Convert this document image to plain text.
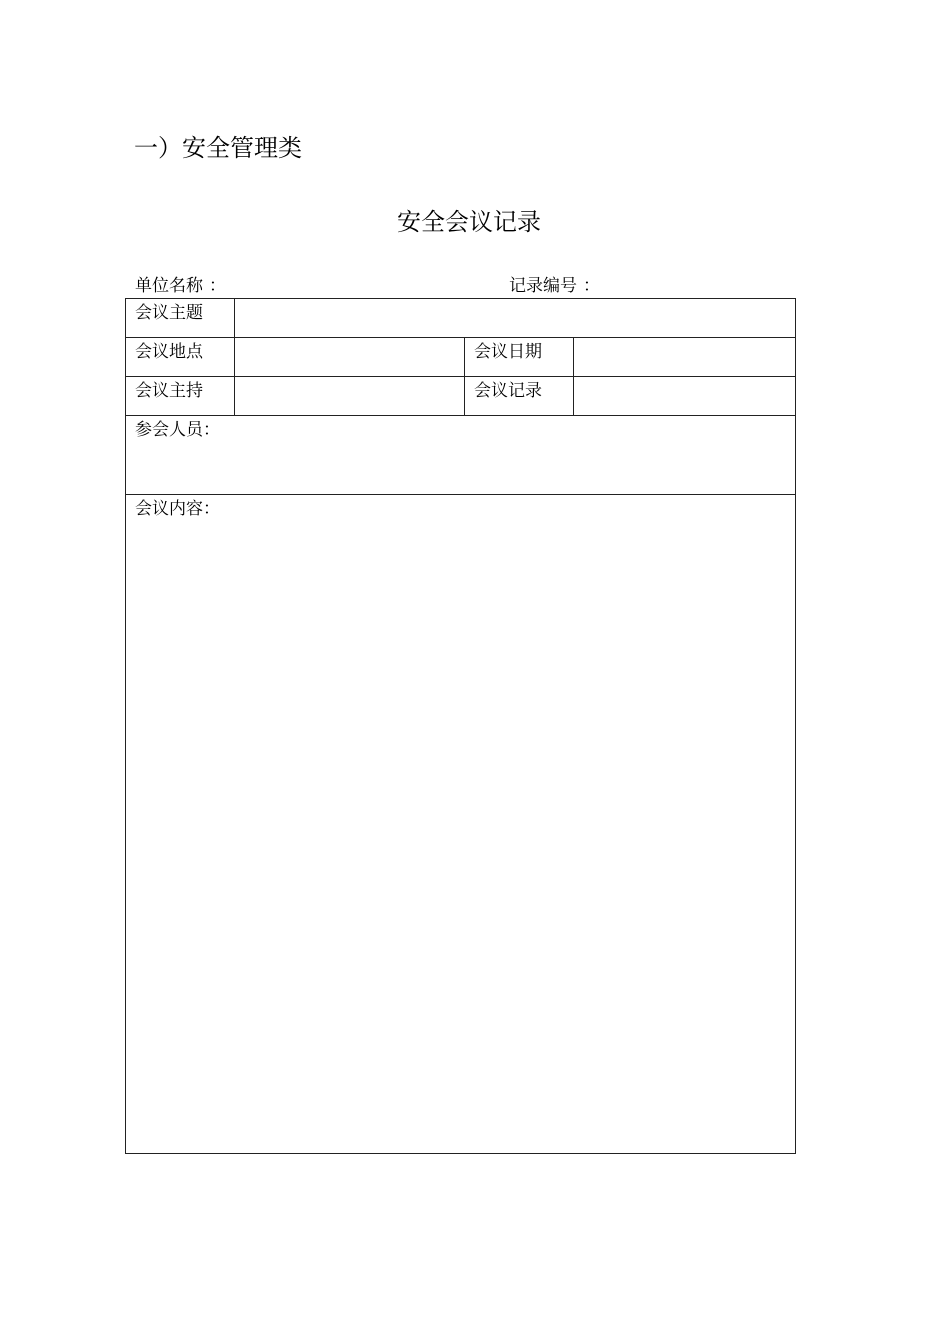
一）安全管理类
安全会议记录
单位名称 ：	记录编号 ：
会议主题			
会议地点		会议日期	
会议主持		会议记录	

参会人员：			

会议内容：			
